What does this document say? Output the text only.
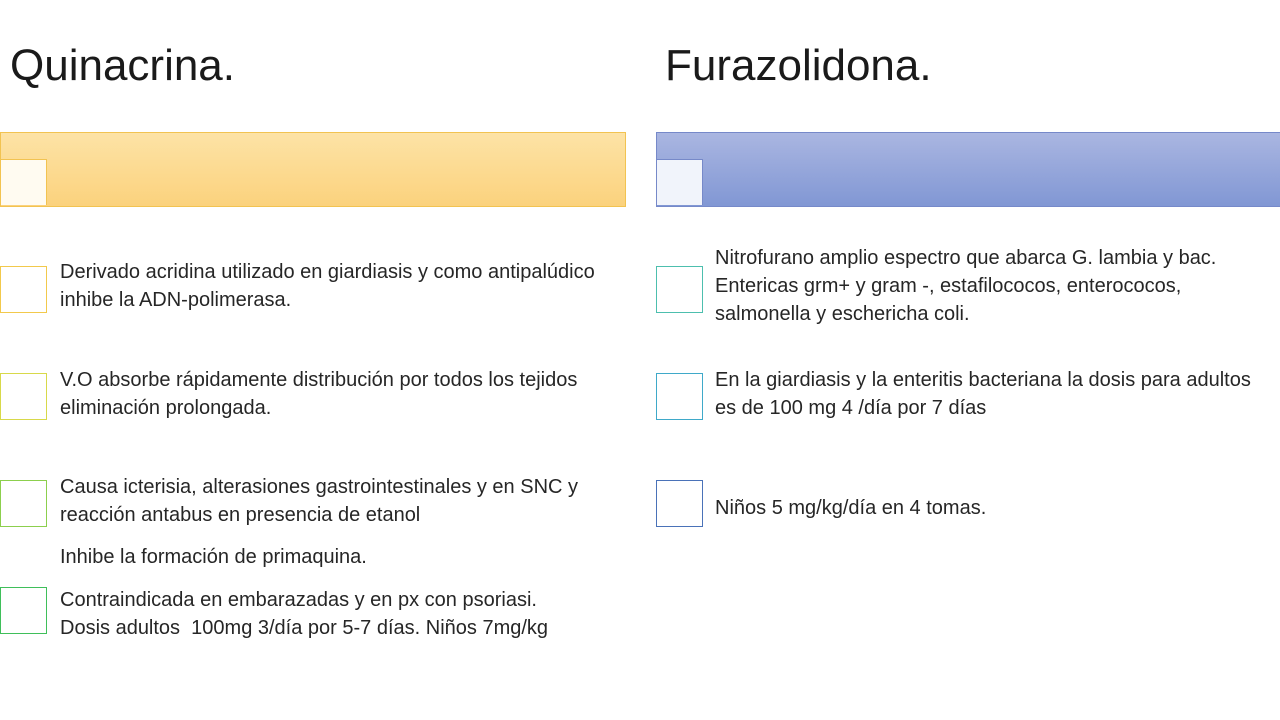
Quinacrina.
Derivado acridina utilizado en giardiasis y como antipalúdico inhibe la ADN-polimerasa.
V.O absorbe rápidamente distribución por todos los tejidos eliminación prolongada.
Causa icterisia, alterasiones gastrointestinales y en SNC y reacción antabus en presencia de etanol
Inhibe la formación de primaquina.
Contraindicada en embarazadas y en px con psoriasi.             Dosis adultos  100mg 3/día por 5-7 días. Niños 7mg/kg
Furazolidona.
Nitrofurano amplio espectro que abarca G. lambia y bac. Entericas grm+ y gram -, estafilococos, enterococos, salmonella y eschericha coli.
En la giardiasis y la enteritis bacteriana la dosis para adultos es de 100 mg 4 /día por 7 días
Niños 5 mg/kg/día en 4 tomas.
